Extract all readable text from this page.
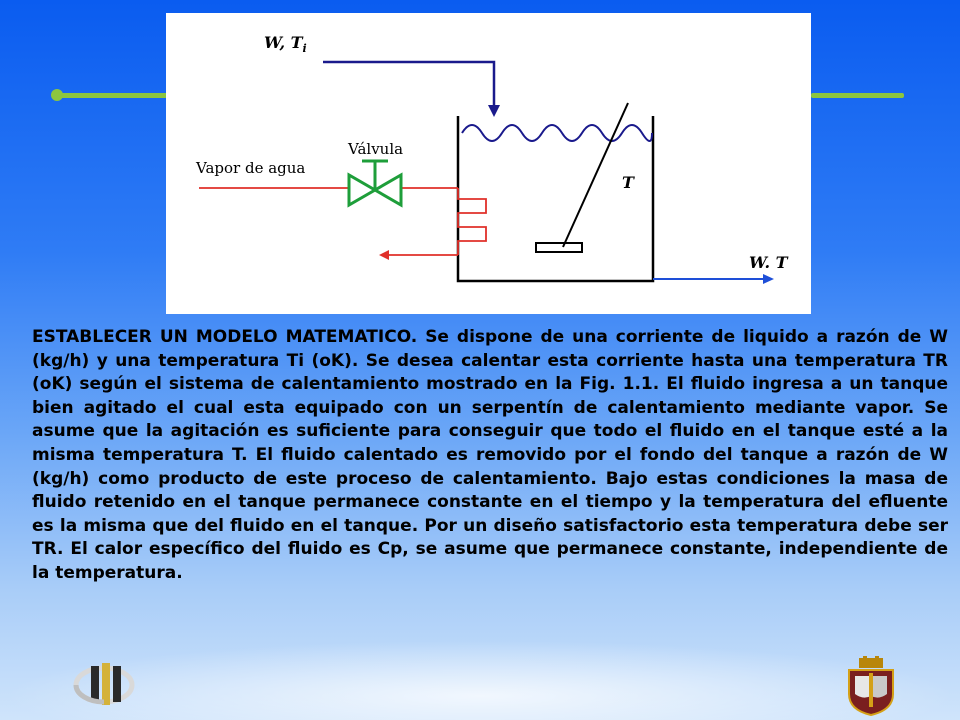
W, $T_i$
T
Válvula
Vapor de agua
W. T

ESTABLECER UN MODELO MATEMATICO. Se dispone de una corriente de liquido a razón de W (kg/h) y una temperatura Ti (oK). Se desea calentar esta corriente hasta una temperatura TR (oK) según el sistema de calentamiento mostrado en la Fig. 1.1. El fluido ingresa a un tanque bien agitado el cual esta equipado con un serpentín de calentamiento mediante vapor. Se asume que la agitación es suficiente para conseguir que todo el fluido en el tanque esté a la misma temperatura T. El fluido calentado es removido por el fondo del tanque a razón de W (kg/h) como producto de este proceso de calentamiento. Bajo estas condiciones la masa de fluido retenido en el tanque permanece constante en el tiempo y la temperatura del efluente es la misma que del fluido en el tanque. Por un diseño satisfactorio esta temperatura debe ser TR. El calor específico del fluido es Cp, se asume que permanece constante, independiente de la temperatura.
